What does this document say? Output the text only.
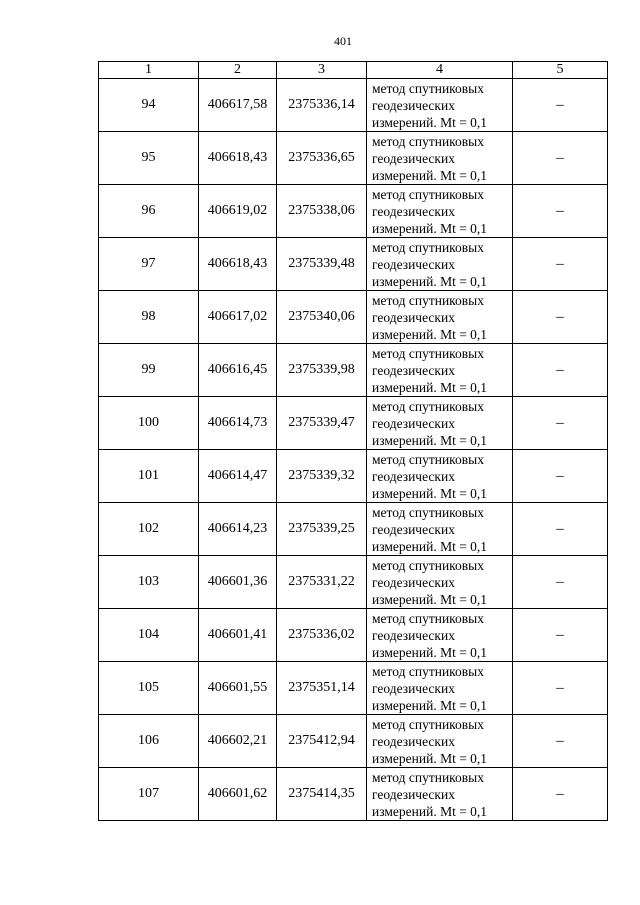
401
1	2	3	4	5
94	406617,58	2375336,14	метод спутниковых
геодезических
измерений. Mt = 0,1	–
95	406618,43	2375336,65	метод спутниковых
геодезических
измерений. Mt = 0,1	–
96	406619,02	2375338,06	метод спутниковых
геодезических
измерений. Mt = 0,1	–
97	406618,43	2375339,48	метод спутниковых
геодезических
измерений. Mt = 0,1	–
98	406617,02	2375340,06	метод спутниковых
геодезических
измерений. Mt = 0,1	–
99	406616,45	2375339,98	метод спутниковых
геодезических
измерений. Mt = 0,1	–
100	406614,73	2375339,47	метод спутниковых
геодезических
измерений. Mt = 0,1	–
101	406614,47	2375339,32	метод спутниковых
геодезических
измерений. Mt = 0,1	–
102	406614,23	2375339,25	метод спутниковых
геодезических
измерений. Mt = 0,1	–
103	406601,36	2375331,22	метод спутниковых
геодезических
измерений. Mt = 0,1	–
104	406601,41	2375336,02	метод спутниковых
геодезических
измерений. Mt = 0,1	–
105	406601,55	2375351,14	метод спутниковых
геодезических
измерений. Mt = 0,1	–
106	406602,21	2375412,94	метод спутниковых
геодезических
измерений. Mt = 0,1	–
107	406601,62	2375414,35	метод спутниковых
геодезических
измерений. Mt = 0,1	–
